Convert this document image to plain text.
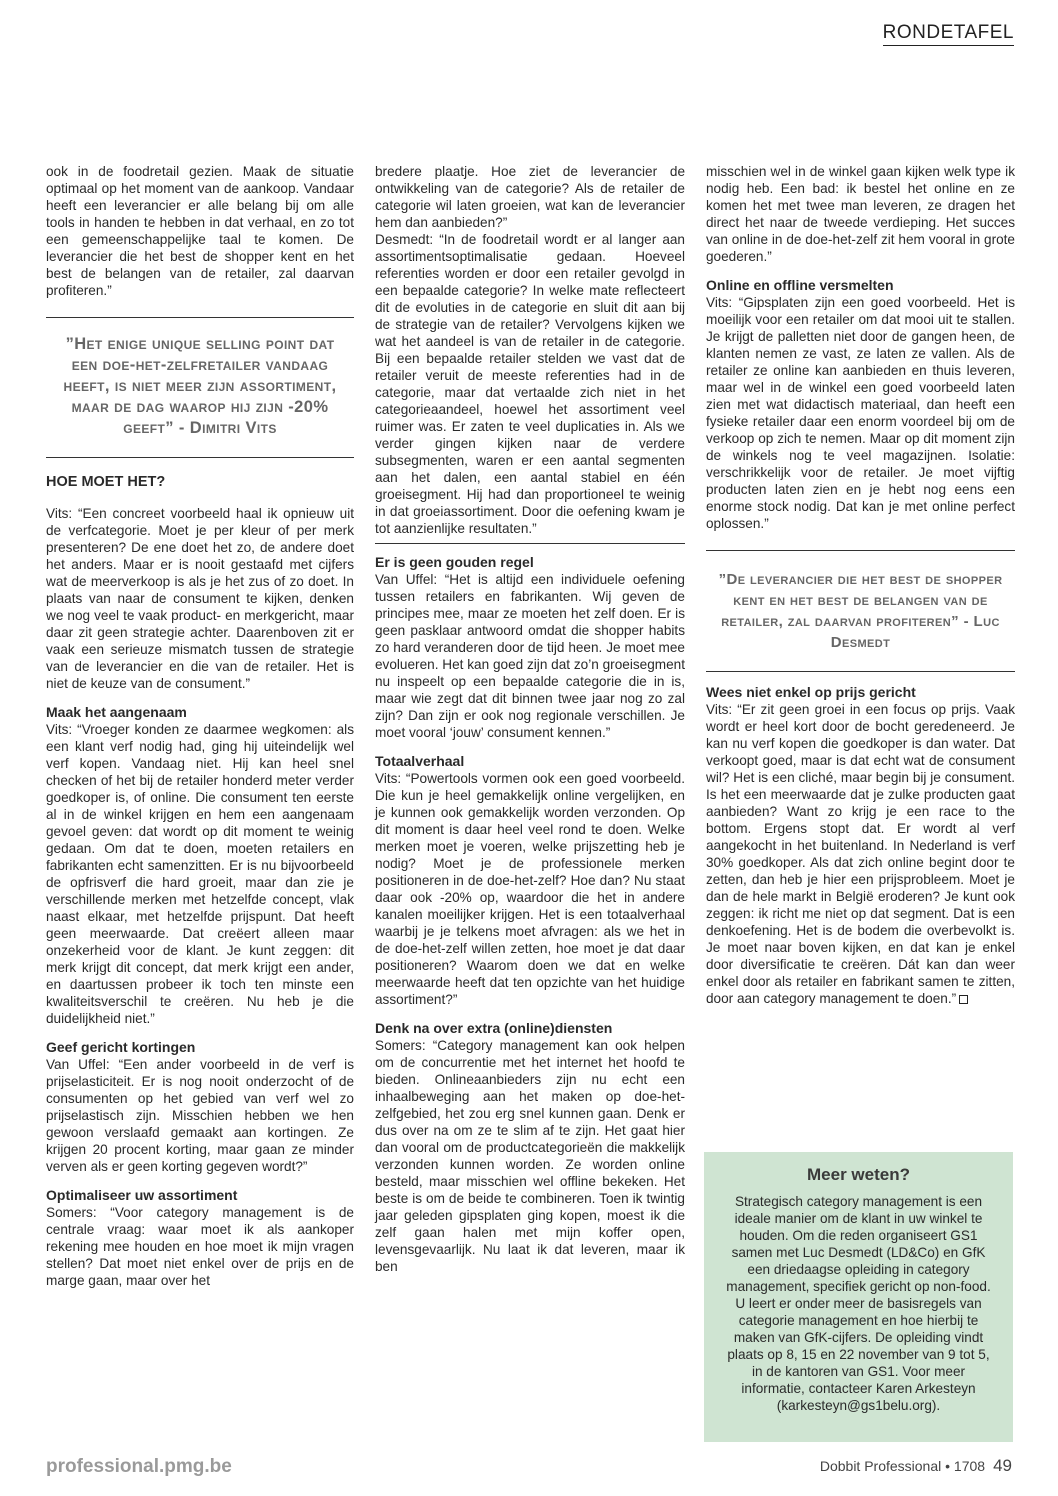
RONDETAFEL

ook in de foodretail gezien. Maak de situatie optimaal op het moment van de aankoop. Vandaar heeft een leverancier er alle belang bij om alle tools in handen te hebben in dat verhaal, en zo tot een gemeenschappelijke taal te komen. De leverancier die het best de shopper kent en het best de belangen van de retailer, zal daarvan profiteren.”

”Het enige unique selling point dat een doe-het-zelfretailer vandaag heeft, is niet meer zijn assortiment, maar de dag waarop hij zijn -20% geeft” - Dimitri Vits
HOE MOET HET?

Vits: “Een concreet voorbeeld haal ik opnieuw uit de verfcategorie. Moet je per kleur of per merk presenteren? De ene doet het zo, de andere doet het anders. Maar er is nooit gestaafd met cijfers wat de meerverkoop is als je het zus of zo doet. In plaats van naar de consument te kijken, denken we nog veel te vaak product- en merkgericht, maar daar zit geen strategie achter. Daarenboven zit er vaak een serieuze mismatch tussen de strategie van de leverancier en die van de retailer. Het is niet de keuze van de consument.”

Maak het aangenaam

Vits: “Vroeger konden ze daarmee wegkomen: als een klant verf nodig had, ging hij uiteindelijk wel verf kopen. Vandaag niet. Hij kan heel snel checken of het bij de retailer honderd meter verder goedkoper is, of online. Die consument ten eerste al in de winkel krijgen en hem een aangenaam gevoel geven: dat wordt op dit moment te weinig gedaan. Om dat te doen, moeten retailers en fabrikanten echt samenzitten. Er is nu bijvoorbeeld de opfrisverf die hard groeit, maar dan zie je verschillende merken met hetzelfde concept, vlak naast elkaar, met hetzelfde prijspunt. Dat heeft geen meerwaarde. Dat creëert alleen maar onzekerheid voor de klant. Je kunt zeggen: dit merk krijgt dit concept, dat merk krijgt een ander, en daartussen probeer ik toch ten minste een kwaliteitsverschil te creëren. Nu heb je die duidelijkheid niet.”

Geef gericht kortingen

Van Uffel: “Een ander voorbeeld in de verf is prijselasticiteit. Er is nog nooit onderzocht of de consumenten op het gebied van verf wel zo prijselastisch zijn. Misschien hebben we hen gewoon verslaafd gemaakt aan kortingen. Ze krijgen 20 procent korting, maar gaan ze minder verven als er geen korting gegeven wordt?”

Optimaliseer uw assortiment

Somers: “Voor category management is de centrale vraag: waar moet ik als aankoper rekening mee houden en hoe moet ik mijn vragen stellen? Dat moet niet enkel over de prijs en de marge gaan, maar over het

bredere plaatje. Hoe ziet de leverancier de ontwikkeling van de categorie? Als de retailer de categorie wil laten groeien, wat kan de leverancier hem dan aanbieden?”

Desmedt: “In de foodretail wordt er al langer aan assortimentsoptimalisatie gedaan. Hoeveel referenties worden er door een retailer gevolgd in een bepaalde categorie? In welke mate reflecteert dit de evoluties in de categorie en sluit dit aan bij de strategie van de retailer? Vervolgens kijken we wat het aandeel is van de retailer in de categorie. Bij een bepaalde retailer stelden we vast dat de retailer veruit de meeste referenties had in de categorie, maar dat vertaalde zich niet in het categorieaandeel, hoewel het assortiment veel ruimer was. Er zaten te veel duplicaties in. Als we verder gingen kijken naar de verdere subsegmenten, waren er een aantal segmenten aan het dalen, een aantal stabiel en één groeisegment. Hij had dan proportioneel te weinig in dat groeiassortiment. Door die oefening kwam je tot aanzienlijke resultaten.”

Er is geen gouden regel

Van Uffel: “Het is altijd een individuele oefening tussen retailers en fabrikanten. Wij geven de principes mee, maar ze moeten het zelf doen. Er is geen pasklaar antwoord omdat die shopper habits zo hard veranderen door de tijd heen. Je moet mee evolueren. Het kan goed zijn dat zo’n groeisegment nu inspeelt op een bepaalde categorie die in is, maar wie zegt dat dit binnen twee jaar nog zo zal zijn? Dan zijn er ook nog regionale verschillen. Je moet vooral ‘jouw’ consument kennen.”

Totaalverhaal

Vits: “Powertools vormen ook een goed voorbeeld. Die kun je heel gemakkelijk online vergelijken, en je kunnen ook gemakkelijk worden verzonden. Op dit moment is daar heel veel rond te doen. Welke merken moet je voeren, welke prijszetting heb je nodig? Moet je de professionele merken positioneren in de doe-het-zelf? Hoe dan? Nu staat daar ook -20% op, waardoor die het in andere kanalen moeilijker krijgen. Het is een totaalverhaal waarbij je je telkens moet afvragen: als we het in de doe-het-zelf willen zetten, hoe moet je dat daar positioneren? Waarom doen we dat en welke meerwaarde heeft dat ten opzichte van het huidige assortiment?”

Denk na over extra (online)diensten

Somers: “Category management kan ook helpen om de concurrentie met het internet het hoofd te bieden. Onlineaanbieders zijn nu echt een inhaalbeweging aan het maken op doe-het-zelfgebied, het zou erg snel kunnen gaan. Denk er dus over na om ze te slim af te zijn. Het gaat hier dan vooral om de productcategorieën die makkelijk verzonden kunnen worden. Ze worden online besteld, maar misschien wel offline bekeken. Het beste is om de beide te combineren. Toen ik twintig jaar geleden gipsplaten ging kopen, moest ik die zelf gaan halen met mijn koffer open, levensgevaarlijk. Nu laat ik dat leveren, maar ik ben

misschien wel in de winkel gaan kijken welk type ik nodig heb. Een bad: ik bestel het online en ze komen het met twee man leveren, ze dragen het direct het naar de tweede verdieping. Het succes van online in de doe-het-zelf zit hem vooral in grote goederen.”

Online en offline versmelten

Vits: “Gipsplaten zijn een goed voorbeeld. Het is moeilijk voor een retailer om dat mooi uit te stallen. Je krijgt de palletten niet door de gangen heen, de klanten nemen ze vast, ze laten ze vallen. Als de retailer ze online kan aanbieden en thuis leveren, maar wel in de winkel een goed voorbeeld laten zien met wat didactisch materiaal, dan heeft een fysieke retailer daar een enorm voordeel bij om de verkoop op zich te nemen. Maar op dit moment zijn de winkels nog te veel magazijnen. Isolatie: verschrikkelijk voor de retailer. Je moet vijftig producten laten zien en je hebt nog eens een enorme stock nodig. Dat kan je met online perfect oplossen.”

”De leverancier die het best de shopper kent en het best de belangen van de retailer, zal daarvan profiteren” - Luc Desmedt
Wees niet enkel op prijs gericht

Vits: “Er zit geen groei in een focus op prijs. Vaak wordt er heel kort door de bocht geredeneerd. Je kan nu verf kopen die goedkoper is dan water. Dat verkoopt goed, maar is dat echt wat de consument wil? Het is een cliché, maar begin bij je consument. Is het een meerwaarde dat je zulke producten gaat aanbieden? Want zo krijg je een race to the bottom. Ergens stopt dat. Er wordt al verf aangekocht in het buitenland. In Nederland is verf 30% goedkoper. Als dat zich online begint door te zetten, dan heb je hier een prijsprobleem. Moet je dan de hele markt in België eroderen? Je kunt ook zeggen: ik richt me niet op dat segment. Dat is een denkoefening. Het is de bodem die overbevolkt is. Je moet naar boven kijken, en dat kan je enkel door diversificatie te creëren. Dát kan dan weer enkel door als retailer en fabrikant samen te zitten, door aan category management te doen.”

Meer weten?
Strategisch category management is een ideale manier om de klant in uw winkel te houden. Om die reden organiseert GS1 samen met Luc Desmedt (LD&Co) en GfK een driedaagse opleiding in category management, specifiek gericht op non-food. U leert er onder meer de basisregels van categorie management en hoe hierbij te maken van GfK-cijfers. De opleiding vindt plaats op 8, 15 en 22 november van 9 tot 5, in de kantoren van GS1. Voor meer informatie, contacteer Karen Arkesteyn (karkesteyn@gs1belu.org).
professional.pmg.be	Dobbit Professional • 1708 49
